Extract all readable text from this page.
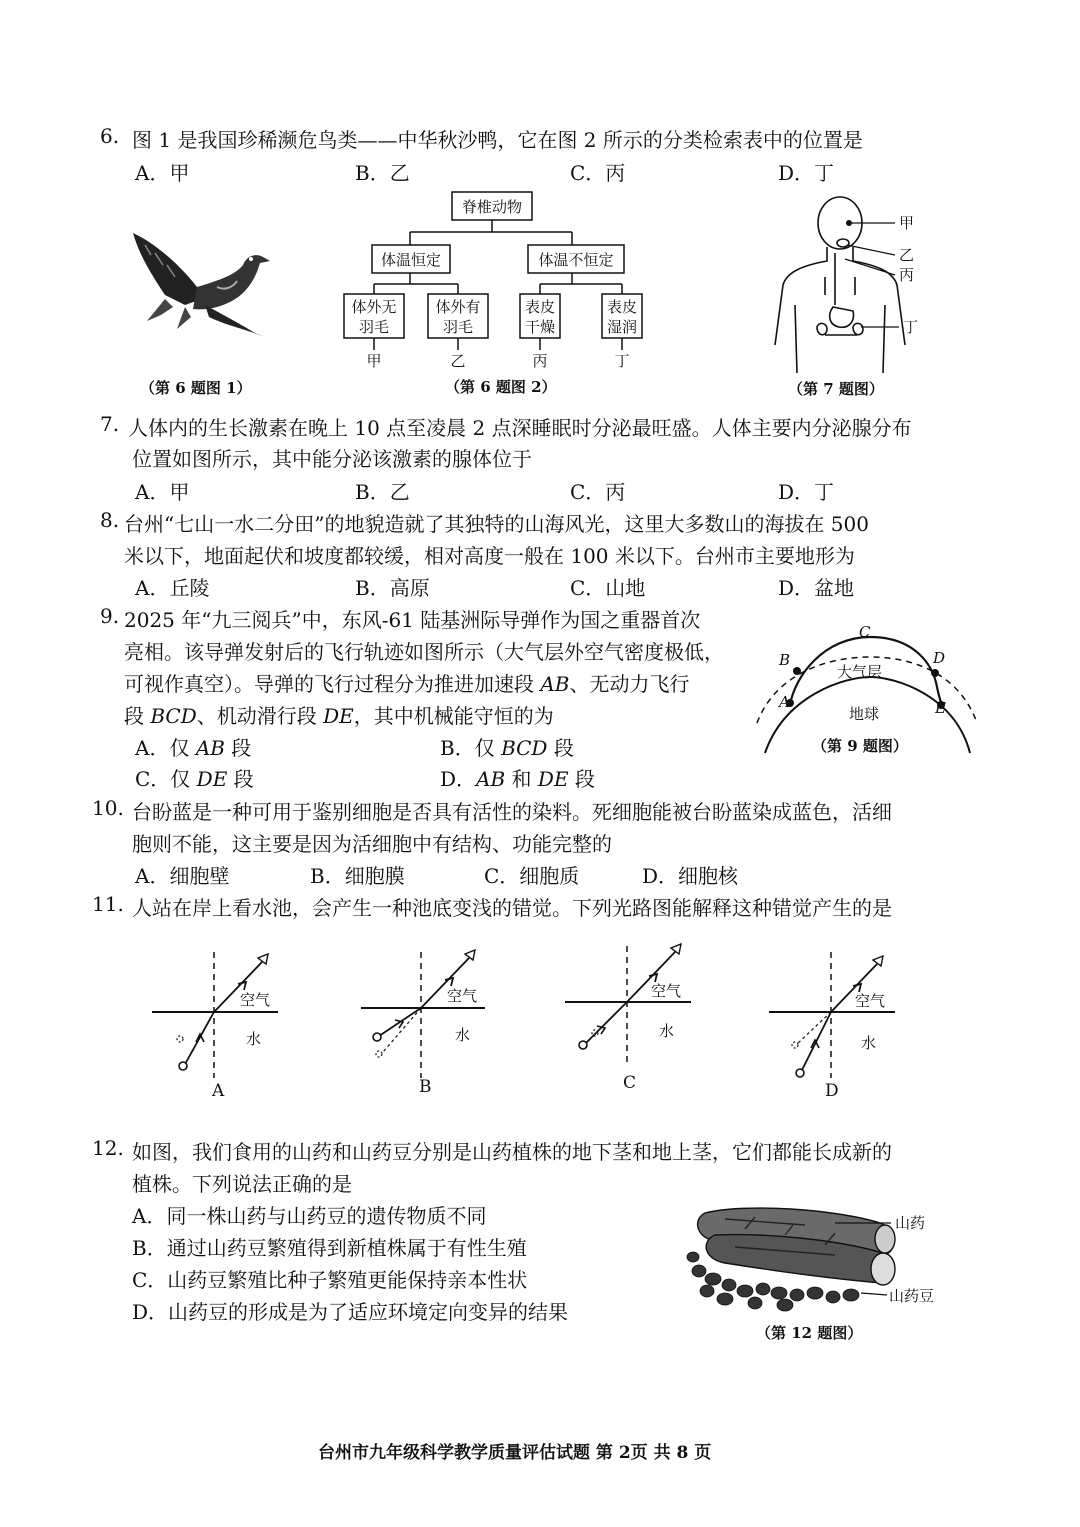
6. 图 1 是我国珍稀濒危鸟类——中华秋沙鸭，它在图 2 所示的分类检索表中的位置是
A．甲	B．乙	C．丙	D．丁
（第 6 题图 1）
脊椎动物
体温恒定	体温不恒定
体外无
羽毛
体外有
羽毛
表皮
干燥
表皮
湿润
甲	乙	丙	丁
（第 6 题图 2）
甲
乙
丙
丁
（第 7 题图）
7. 人体内的生长激素在晚上 10 点至凌晨 2 点深睡眠时分泌最旺盛。人体主要内分泌腺分布
位置如图所示，其中能分泌该激素的腺体位于
A．甲	B．乙	C．丙	D．丁
8. 台州“七山一水二分田”的地貌造就了其独特的山海风光，这里大多数山的海拔在 500
米以下，地面起伏和坡度都较缓，相对高度一般在 100 米以下。台州市主要地形为
A．丘陵	B．高原	C．山地	D．盆地
9. 2025 年“九三阅兵”中，东风-61 陆基洲际导弹作为国之重器首次
亮相。该导弹发射后的飞行轨迹如图所示（大气层外空气密度极低，
可视作真空）。导弹的飞行过程分为推进加速段 AB、无动力飞行
段 BCD、机动滑行段 DE，其中机械能守恒的为
A．仅 AB 段	B．仅 BCD 段
C．仅 DE 段	D．AB 和 DE 段
A
B
C
D
E
大气层
地球
（第 9 题图）
10. 台盼蓝是一种可用于鉴别细胞是否具有活性的染料。死细胞能被台盼蓝染成蓝色，活细
胞则不能，这主要是因为活细胞中有结构、功能完整的
A．细胞壁	B．细胞膜	C．细胞质	D．细胞核
11. 人站在岸上看水池，会产生一种池底变浅的错觉。下列光路图能解释这种错觉产生的是
空气
水
A
空气
水
B
空气
水
C
空气
水
D
12. 如图，我们食用的山药和山药豆分别是山药植株的地下茎和地上茎，它们都能长成新的
植株。下列说法正确的是
A．同一株山药与山药豆的遗传物质不同
B．通过山药豆繁殖得到新植株属于有性生殖
C．山药豆繁殖比种子繁殖更能保持亲本性状
D．山药豆的形成是为了适应环境定向变异的结果
山药
山药豆
（第 12 题图）
台州市九年级科学教学质量评估试题 第 2页 共 8 页
